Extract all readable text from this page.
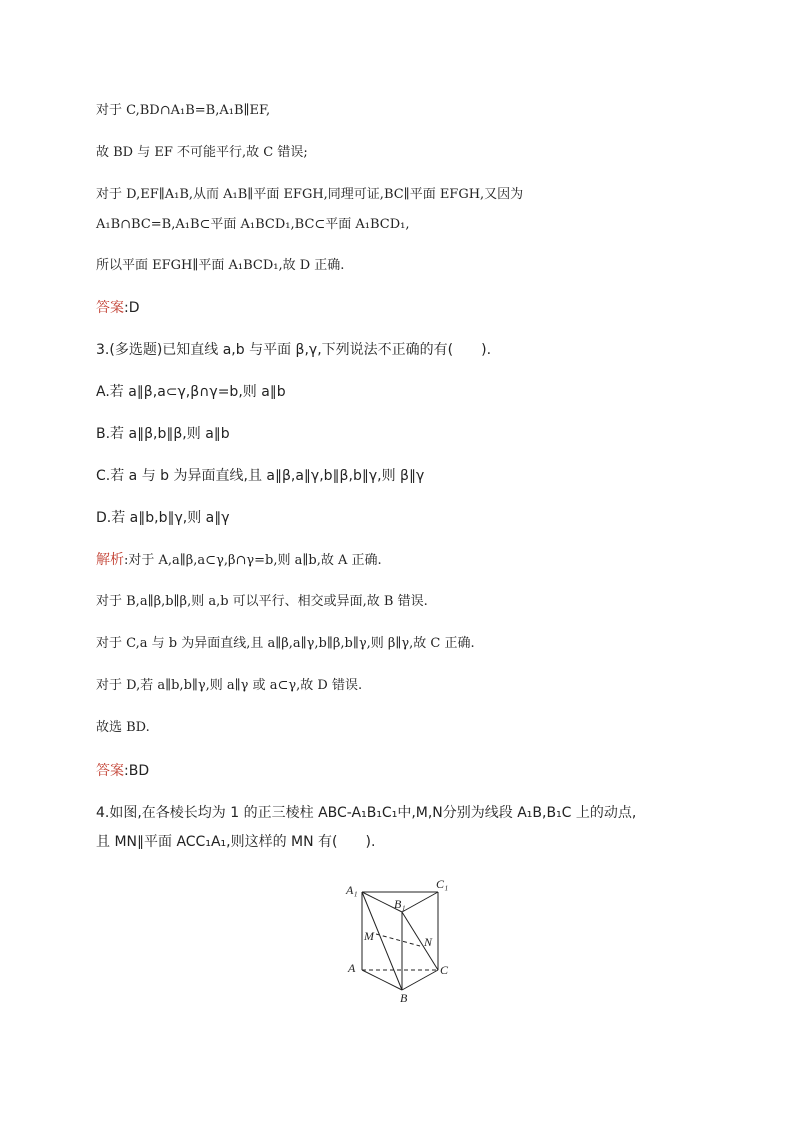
对于 C,BD∩A₁B=B,A₁B∥EF,
故 BD 与 EF 不可能平行,故 C 错误;
对于 D,EF∥A₁B,从而 A₁B∥平面 EFGH,同理可证,BC∥平面 EFGH,又因为
A₁B∩BC=B,A₁B⊂平面 A₁BCD₁,BC⊂平面 A₁BCD₁,
所以平面 EFGH∥平面 A₁BCD₁,故 D 正确.
答案:D
3.(多选题)已知直线 a,b 与平面 β,γ,下列说法不正确的有(　　).
A.若 a∥β,a⊂γ,β∩γ=b,则 a∥b
B.若 a∥β,b∥β,则 a∥b
C.若 a 与 b 为异面直线,且 a∥β,a∥γ,b∥β,b∥γ,则 β∥γ
D.若 a∥b,b∥γ,则 a∥γ
解析:对于 A,a∥β,a⊂γ,β∩γ=b,则 a∥b,故 A 正确.
对于 B,a∥β,b∥β,则 a,b 可以平行、相交或异面,故 B 错误.
对于 C,a 与 b 为异面直线,且 a∥β,a∥γ,b∥β,b∥γ,则 β∥γ,故 C 正确.
对于 D,若 a∥b,b∥γ,则 a∥γ 或 a⊂γ,故 D 错误.
故选 BD.
答案:BD
4.如图,在各棱长均为 1 的正三棱柱 ABC-A₁B₁C₁中,M,N分别为线段 A₁B,B₁C 上的动点,
且 MN∥平面 ACC₁A₁,则这样的 MN 有(　　).
A₁	C₁
B₁
M	N
A	C
B
